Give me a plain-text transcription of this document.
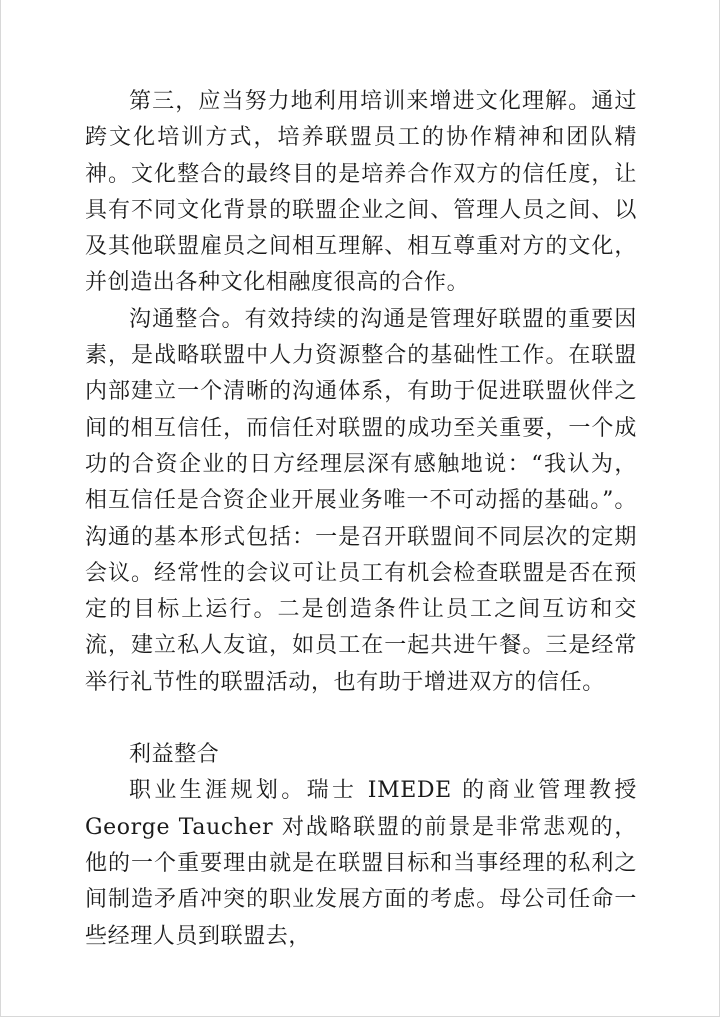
第三，应当努力地利用培训来增进文化理解。通过跨文化培训方式，培养联盟员工的协作精神和团队精神。文化整合的最终目的是培养合作双方的信任度，让具有不同文化背景的联盟企业之间、管理人员之间、以及其他联盟雇员之间相互理解、相互尊重对方的文化，并创造出各种文化相融度很高的合作。

沟通整合。有效持续的沟通是管理好联盟的重要因素，是战略联盟中人力资源整合的基础性工作。在联盟内部建立一个清晰的沟通体系，有助于促进联盟伙伴之间的相互信任，而信任对联盟的成功至关重要，一个成功的合资企业的日方经理层深有感触地说：“我认为，相互信任是合资企业开展业务唯一不可动摇的基础。”。沟通的基本形式包括：一是召开联盟间不同层次的定期会议。经常性的会议可让员工有机会检查联盟是否在预定的目标上运行。二是创造条件让员工之间互访和交流，建立私人友谊，如员工在一起共进午餐。三是经常举行礼节性的联盟活动，也有助于增进双方的信任。

利益整合

职业生涯规划。瑞士 IMEDE 的商业管理教授 George Taucher 对战略联盟的前景是非常悲观的，他的一个重要理由就是在联盟目标和当事经理的私利之间制造矛盾冲突的职业发展方面的考虑。母公司任命一些经理人员到联盟去，
